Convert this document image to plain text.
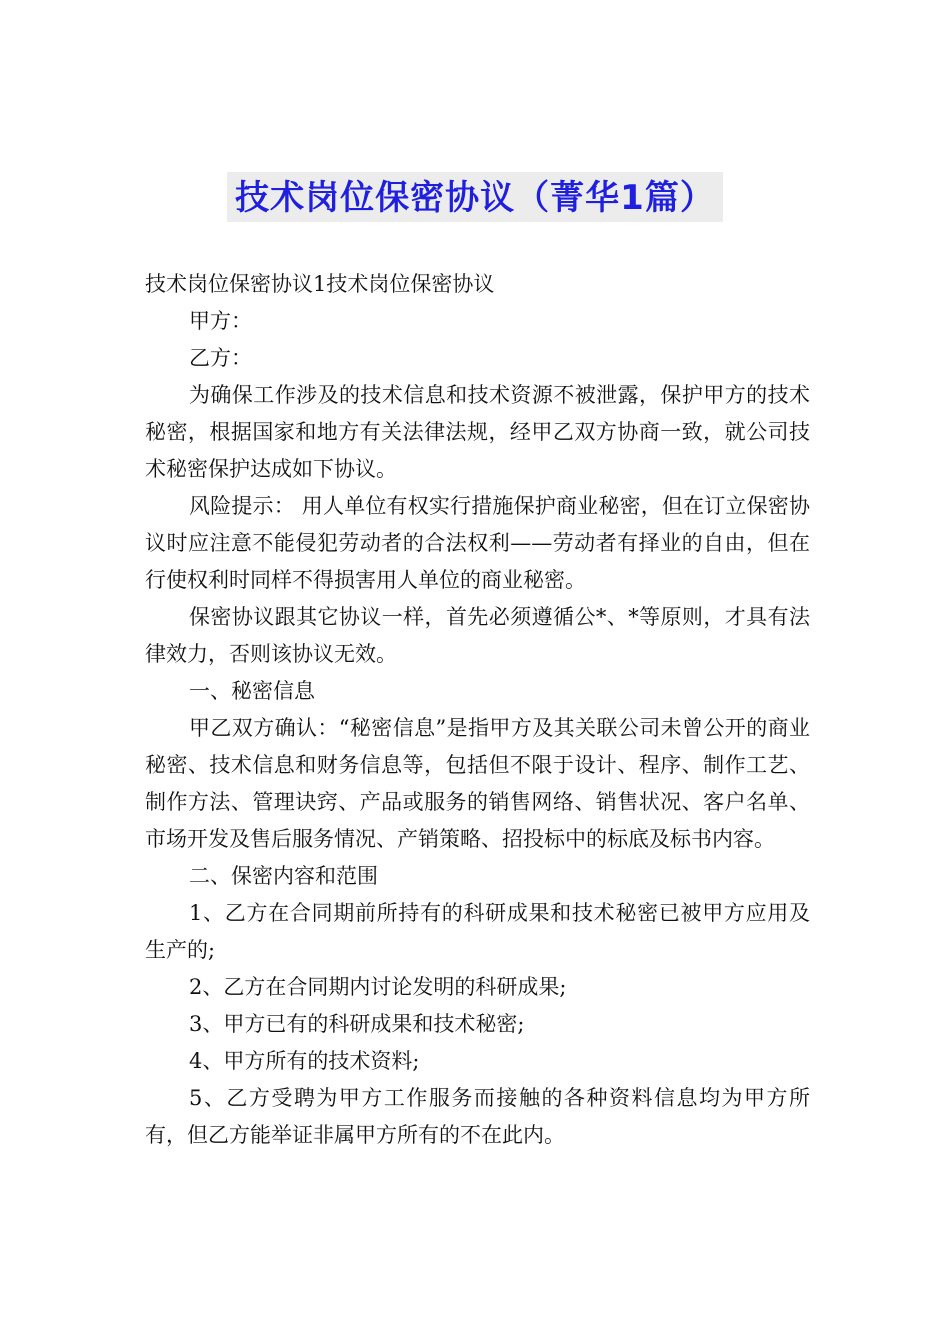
技术岗位保密协议（菁华1篇）

技术岗位保密协议1技术岗位保密协议

甲方：

乙方：

为确保工作涉及的技术信息和技术资源不被泄露，保护甲方的技术秘密，根据国家和地方有关法律法规，经甲乙双方协商一致，就公司技术秘密保护达成如下协议。

风险提示： 用人单位有权实行措施保护商业秘密，但在订立保密协议时应注意不能侵犯劳动者的合法权利——劳动者有择业的自由，但在行使权利时同样不得损害用人单位的商业秘密。

保密协议跟其它协议一样，首先必须遵循公*、*等原则，才具有法律效力，否则该协议无效。

一、秘密信息

甲乙双方确认：“秘密信息”是指甲方及其关联公司未曾公开的商业秘密、技术信息和财务信息等，包括但不限于设计、程序、制作工艺、制作方法、管理诀窍、产品或服务的销售网络、销售状况、客户名单、市场开发及售后服务情况、产销策略、招投标中的标底及标书内容。

二、保密内容和范围

1、乙方在合同期前所持有的科研成果和技术秘密已被甲方应用及生产的;

2、乙方在合同期内讨论发明的科研成果;

3、甲方已有的科研成果和技术秘密;

4、甲方所有的技术资料;

5、乙方受聘为甲方工作服务而接触的各种资料信息均为甲方所有，但乙方能举证非属甲方所有的不在此内。
